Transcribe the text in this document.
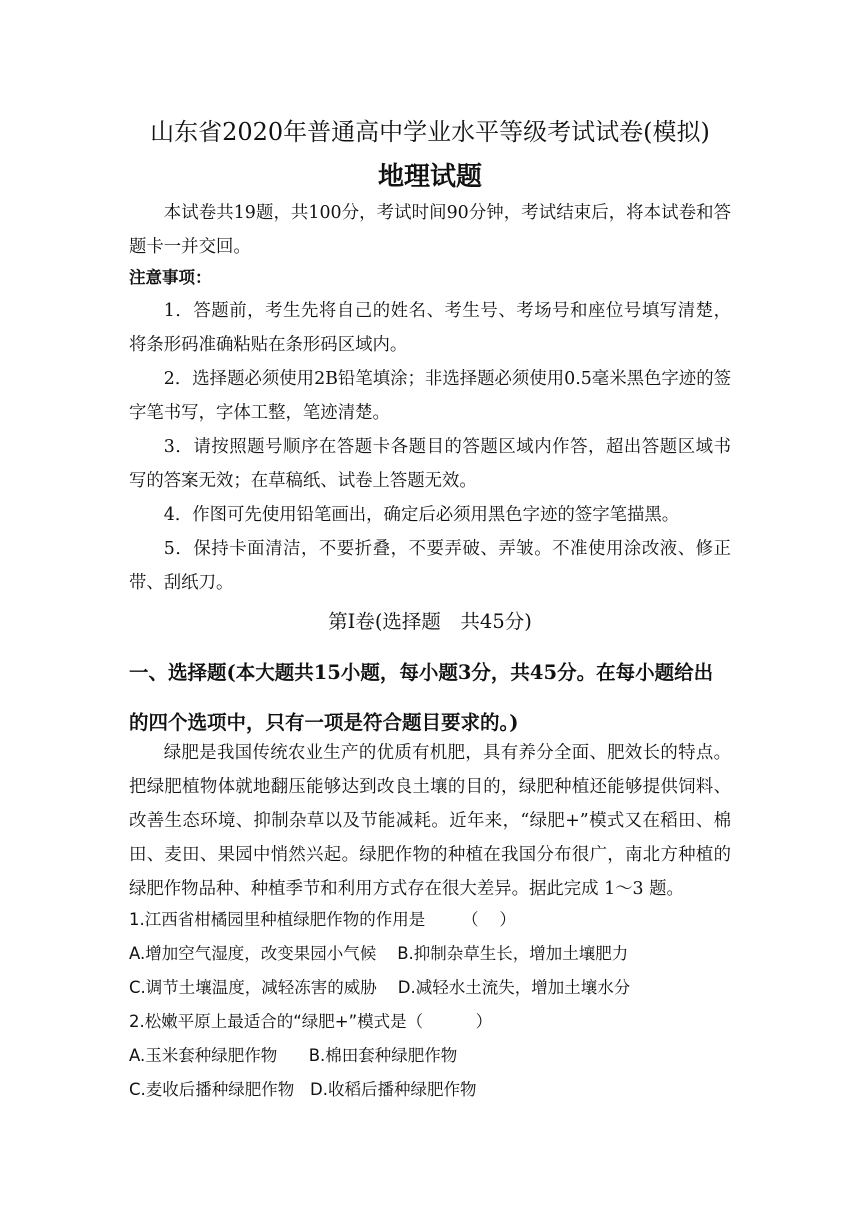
山东省2020年普通高中学业水平等级考试试卷(模拟)
地理试题

本试卷共19题，共100分，考试时间90分钟，考试结束后，将本试卷和答题卡一并交回。

注意事项：

1．答题前，考生先将自己的姓名、考生号、考场号和座位号填写清楚，将条形码准确粘贴在条形码区域内。

2．选择题必须使用2B铅笔填涂；非选择题必须使用0.5毫米黑色字迹的签字笔书写，字体工整，笔迹清楚。

3．请按照题号顺序在答题卡各题目的答题区域内作答，超出答题区域书写的答案无效；在草稿纸、试卷上答题无效。

4．作图可先使用铅笔画出，确定后必须用黑色字迹的签字笔描黑。

5．保持卡面清洁，不要折叠，不要弄破、弄皱。不准使用涂改液、修正带、刮纸刀。

第Ⅰ卷(选择题　共45分)

一、选择题(本大题共15小题，每小题3分，共45分。在每小题给出的四个选项中，只有一项是符合题目要求的。)

绿肥是我国传统农业生产的优质有机肥，具有养分全面、肥效长的特点。把绿肥植物体就地翻压能够达到改良土壤的目的，绿肥种植还能够提供饲料、改善生态环境、抑制杂草以及节能减耗。近年来，“绿肥+”模式又在稻田、棉田、麦田、果园中悄然兴起。绿肥作物的种植在我国分布很广，南北方种植的绿肥作物品种、种植季节和利用方式存在很大差异。据此完成 1～3 题。

1.江西省柑橘园里种植绿肥作物的作用是       （    ）
A.增加空气湿度，改变果园小气候    B.抑制杂草生长，增加土壤肥力
C.调节土壤温度，减轻冻害的威胁    D.减轻水土流失，增加土壤水分
2.松嫩平原上最适合的“绿肥+”模式是（          ）
A.玉米套种绿肥作物      B.棉田套种绿肥作物
C.麦收后播种绿肥作物   D.收稻后播种绿肥作物
